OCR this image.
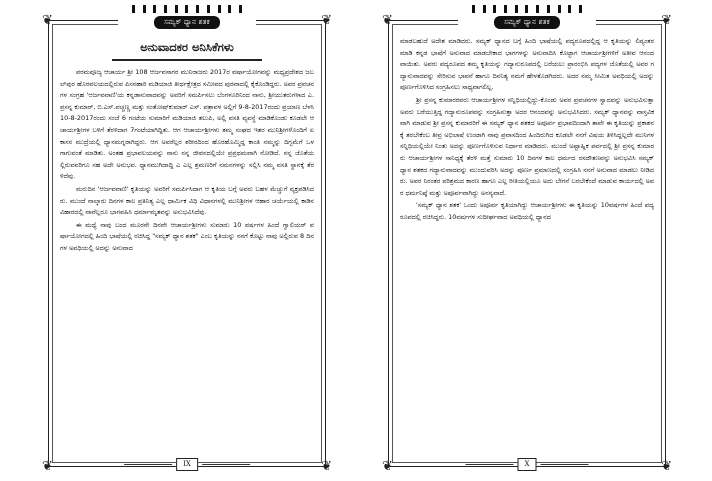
❦	❦
❦	❦
ಸಮ್ಯಕ್ ಧ್ಯಾನ ಶತಕ
ಅನುವಾದಕರ ಅನಿಸಿಕೆಗಳು

ಪರಮಪೂಜ್ಯ ಆಚಾರ್ಯ ಶ್ರೀ 108 ಆರ್ಜವಸಾಗರ ಮುನಿರಾಜರು 2017ರ ವರ್ಷಾಯೋಗವನ್ನು ಮಧ್ಯಪ್ರದೇಶದ ಜಬಲ್‌ಪುರ ಹೊರವಲಯದಲ್ಲಿರುವ ಪಿಸನಹಾರಿ ಮಡಿಯಾಜಿ ತೀರ್ಥಕ್ಷೇತ್ರದ ಸಮೀಪದ ಪುರವಾದಲ್ಲಿ ಕೈಕೊಂಡಿದ್ದರು. ಅವರ ಪ್ರವಚನಗಳ ಸಂಗ್ರಹ 'ಆರ್ಜವವಾಣಿ'ಯ ಕನ್ನಡಾನುವಾದವನ್ನು ಅವರಿಗೆ ಸಮರ್ಪಿಸಲು ಬೆಂಗಳೂರಿನಿಂದ ನಾನು, ಶ್ರೀಯುತರುಗಳಾದ ಎ. ಪ್ರಸನ್ನ ಕುಮಾರ್, ಬಿ.ಎಸ್.ಪಚ್ಚಣ್ಣ ಮತ್ತು ಸಂತೋಷ್‌ಕುಮಾರ್ ಎಸ್. ಪತ್ರಾವಳ ಅಲ್ಲಿಗೆ 9-8-2017ರಂದು ಪ್ರಯಾಣ ಬೆಳಸಿ 10-8-2017ರಂದು ಸಂಜೆ 6 ಗಂಟೆಯ ಸುಮಾರಿಗೆ ಮಡಿಯಾಜಿ ತಲುಪಿ, ಅಲ್ಲಿ ವಸತಿ ವ್ಯವಸ್ಥೆ ಮಾಡಿಕೊಂಡು ಕೂಡಲೇ ಆಚಾರ್ಯಶ್ರೀಗಳ ಬಳಿಗೆ ತೆರಳಿದಾಗ 7ಗಂಟೆಯಾಗಿದ್ದಿತು. ಆಗ ಆಚಾರ್ಯಶ್ರೀಗಳು ತಮ್ಮ ಸಂಘದ ಇತರ ಮುನಿಶ್ರೀಗಳೊಂದಿಗೆ ಏಕಾಸನ ಮುದ್ರೆಯಲ್ಲಿ ಧ್ಯಾನಮಗ್ನರಾಗಿದ್ದರು. ಆಗ ಅವರೆಲ್ಲರ ಶರೀರದಿಂದ ಹೊರಹೊಮ್ಮಿದ್ದ ಕಾಂತಿ ನಮ್ಮನ್ನು ದಿಗ್ಭಮೆಗೆ ಒಳಗಾಗುವಂತೆ ಮಾಡಿತು. ಅಂತಹ ಪ್ರಭಾವಲಯವನ್ನು ನಾನು ನನ್ನ ಜೀವನದಲ್ಲಿಯೇ ಪ್ರಪ್ರಥಮವಾಗಿ ನೋಡಿದೆ. ನನ್ನ ಜೊತೆಯಲ್ಲಿರುವವರಿಗೂ ಸಹ ಅದೇ ಅನುಭವ. ಧ್ಯಾನಮುಗಿದಾದ್ದಿ ಎ ಎಲ್ಲ ಶ್ರಮಣರಿಗೆ ನಮನಗಳನ್ನು ಸಲ್ಲಿಸಿ ನಮ್ಮ ವಸತಿ ಸ್ಥಾನಕ್ಕೆ ತೆರಳಿದೆವು.

ಮರುದಿನ 'ಆರ್ಜವವಾಣಿ' ಕೃತಿಯನ್ನು ಅವರಿಗೆ ಸಮರ್ಪಿಸಿದಾಗ ಆ ಕೃತಿಯ ಬಗ್ಗೆ ಅವರು ಬಹಳ ಮೆಚ್ಚುಗೆ ವ್ಯಕ್ತಪಡಿಸಿದರು. ಮುಂದೆ ನಾಲ್ಕಾರು ದಿನಗಳ ಕಾಲ ಪ್ರತಿನಿತ್ಯ ಎಲ್ಲ ಧಾರ್ಮಿಕ ವಿಧಿ ವಿಧಾನಗಳಲ್ಲಿ ಮುನಿಶ್ರೀಗಳ ಆಹಾರ ಚರ್ಯೆಯಲ್ಲಿ ಕಾಡಿನ ವಿಹಾರದಲ್ಲಿ ನಾವೆಲ್ಲರೂ ಭಾಗವಹಿಸಿ ಧರ್ಮಾಮೃತವನ್ನು ಅನುಭವಿಸಿದೆವು.

ಈ ಮಧ್ಯೆ ನಾವು ಬಂದ ಮೂರನೇ ದಿನವೇ ಆಚಾರ್ಯಶ್ರೀಗಳು ಸುಮಾರು 10 ವರ್ಷಗಳ ಹಿಂದೆ ಗ್ವಾಲಿಯರ್ ವರ್ಷಾಯೋಗದಲ್ಲಿ ಹಿಂದಿ ಭಾಷೆಯಲ್ಲಿ ರಚಿಸಿದ್ದ "ಸಮ್ಯಕ್ ಧ್ಯಾನ ಶತಕ" ಎಂಬ ಕೃತಿಯನ್ನು ನನಗೆ ಕೊಟ್ಟು ನಾವು ಅಲ್ಲಿರುವ 8 ದಿನಗಳ ಅವಧಿಯಲ್ಲಿ ಅದನ್ನು ಅನುವಾದ

IX
❦	❦
❦	❦
ಸಮ್ಯಕ್ ಧ್ಯಾನ ಶತಕ

ಮಾಡಬಹುದೆ ಅದೇಶ ಮಾಡಿದರು. ಸಮ್ಯಕ್ ಧ್ಯಾನದ ಬಗ್ಗೆ ಹಿಂದಿ ಭಾಷೆಯಲ್ಲಿ ಪದ್ಯರೂಪದಲ್ಲಿದ್ದ ಆ ಕೃತಿಯನ್ನು ಲಿಪ್ಯಂತರ ಮಾಡಿ ಕನ್ನಡ ಭಾಷೆಗೆ ಅನುವಾದ ಮಾಡಬೇಕಾದ ಭಾಗಗಳನ್ನು ಅನುವಾದಿಸಿ ಕೊಟ್ಟಾಗ ಆಚಾರ್ಯಶ್ರೀಗಳಿಗೆ ಅತೀವ ಆನಂದವಾಯಿತು. ಅವರು ಪದ್ಯರೂಪದ ತಮ್ಮ ಕೃತಿಯನ್ನು ಗದ್ಯಾನುರೂಪದಲ್ಲಿ ಬರೆಯಲು ಪ್ರಾರಂಭಿಸಿ ಪದ್ಯಗಳ ಜೊತೆಯಲ್ಲಿ ಅವರ ಗದ್ಯಾನುವಾದವನ್ನು ಸೇರಿಸುವ ಭಾವನೆ ಹಾಗೂ ದಿನನಿತ್ಯ ನಮಗೆ ಹೇಳತೊಡಗಿದರು. ಅದರ ನಮ್ಮ ಸೀಮಿತ ಅವಧಿಯಲ್ಲಿ ಅದನ್ನು ಪೂರ್ಣಗೊಳಿಸಿದ ಸಂಗ್ರಹಿಸಲು ಸಾಧ್ಯವಾಗಲಿಲ್ಲ.

ಶ್ರೀ ಪ್ರಸನ್ನ ಕುಮಾರರವರು ಆಚಾರ್ಯಶ್ರೀಗಳ ಸನ್ನಿಧಿಯಲ್ಲಿದ್ದು-ಕೊಂಡು ಅವರ ಪ್ರವಚನಗಳ ಸ್ವಾದವನ್ನು ಅನುಭವಿಸುತ್ತಾ ಅವರು ಬರೆಯುತ್ತಿದ್ದ ಗದ್ಯಾನುರೂಪವನ್ನು ಸಂಗ್ರಹಿಸುತ್ತಾ ಅದರ ಆನಂದವನ್ನು ಅನುಭವಿಸಿದರು. ಸಮ್ಯಕ್ ಧ್ಯಾನವನ್ನು ವಾಸ್ತವಿಕವಾಗಿ ಮಾಡುವ ಶ್ರೀ ಪ್ರಸನ್ನ ಕುಮಾರರಿಗೆ ಈ ಸಮ್ಯಕ್ ಧ್ಯಾನ ಶತಕದ ಅಪೂರ್ವ ಪ್ರಭಾವದಿಂದಾಗಿ ತಾವೇ ಈ ಕೃತಿಯನ್ನು ಪ್ರಕಾಶನಕ್ಕೆ ತರಬೇಕೆಂಬ ತೀವ್ರ ಅಭಿಲಾಷೆ ಉಂಟಾಗಿ ನಾವು ಪ್ರವಾಸದಿಂದ ಹಿಂದಿರುಗಿದ ಕೂಡಲೇ ನನಗೆ ವಿಷಯ ತಿಳಿಸಿದ್ದಲ್ಲದೇ ಮುನಿಗಳ ಸನ್ನಿಧಿಯಲ್ಲಿಯೇ ನಿಂತು ಅದನ್ನು ಪೂರ್ಣಗೊಳಿಸುವ ನಿರ್ಧಾರ ಮಾಡಿದರು. ಮುಂದೆ ಅಷ್ಟಾಹ್ನಿಕ ಪರ್ವದಲ್ಲಿ ಶ್ರೀ ಪ್ರಸನ್ನ ಕುಮಾರರು ಆಚಾರ್ಯಶ್ರೀಗಳ ಸಾನಿಧ್ಯಕ್ಕೆ ತೆರಳಿ ಮತ್ತೆ ಸುಮಾರು 10 ದಿನಗಳ ಕಾಲ ಧರ್ಮದ ರಸದೌತಣವನ್ನು ಅನುಭವಿಸಿ ಸಮ್ಯಕ್ ಧ್ಯಾನ ಶತಕದ ಗದ್ಯಾನುವಾದವನ್ನು ಮುಂದುವರಿಸಿ ಅದನ್ನು ಪೂರ್ಣ ಪ್ರಮಾಣದಲ್ಲಿ ಸಂಗ್ರಹಿಸಿ ನನಗೆ ಅನುವಾದ ಮಾಡಲು ನೀಡಿದರು. ಅವರ ನಿರಂತರ ಪರಿಶ್ರಮದ ಕಾರಣ ಹಾಗೂ ಎಲ್ಲ ರೀತಿಯಲ್ಲಿಯೂ ಅದು ಬೇಗನೆ ಬರಬೇಕೆಂದೆ ಮಾಡುವ ಕಾರ್ಯದಲ್ಲಿ ಅವರ ಧರ್ಮನಿಷ್ಠೆ ಮತ್ತು ಅಪೂರ್ವವಾಗಿದ್ದು ಅನನ್ಯವಾದೆ.

'ಸಮ್ಯಕ್ ಧ್ಯಾನ ಶತಕ' ಒಂದು ಅಪೂರ್ವ ಕೃತಿಯಾಗಿದ್ದು ಆಚಾರ್ಯಶ್ರೀಗಳು ಈ ಕೃತಿಯನ್ನು 10ವರ್ಷಗಳ ಹಿಂದೆ ಪದ್ಯರೂಪದಲ್ಲಿ ರಚಿಸಿದ್ದರು. 10ವರ್ಷಗಳ ಸುದೀರ್ಘವಾದ ಅವಧಿಯಲ್ಲಿ ಧ್ಯಾನದ

X
